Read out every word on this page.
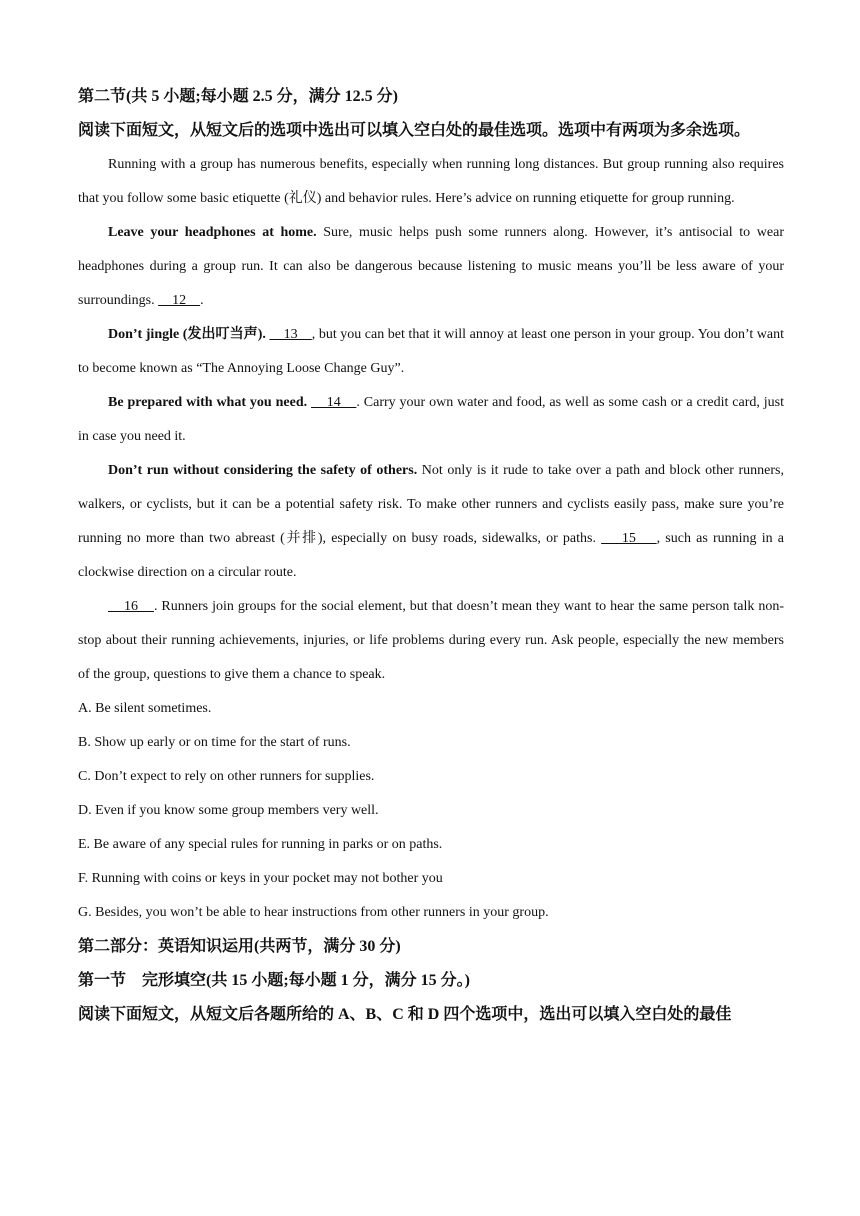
第二节(共 5 小题;每小题 2.5 分，满分 12.5 分)

阅读下面短文，从短文后的选项中选出可以填入空白处的最佳选项。选项中有两项为多余选项。

Running with a group has numerous benefits, especially when running long distances. But group running also requires that you follow some basic etiquette (礼仪) and behavior rules. Here’s advice on running etiquette for group running.

Leave your headphones at home. Sure, music helps push some runners along. However, it’s antisocial to wear headphones during a group run. It can also be dangerous because listening to music means you’ll be less aware of your surroundings.     12    .

Don’t jingle (发出叮当声).     13    , but you can bet that it will annoy at least one person in your group. You don’t want to become known as “The Annoying Loose Change Guy”.

Be prepared with what you need.     14    . Carry your own water and food, as well as some cash or a credit card, just in case you need it.

Don’t run without considering the safety of others. Not only is it rude to take over a path and block other runners, walkers, or cyclists, but it can be a potential safety risk. To make other runners and cyclists easily pass, make sure you’re running no more than two abreast (并排), especially on busy roads, sidewalks, or paths.     15    , such as running in a clockwise direction on a circular route.

16    . Runners join groups for the social element, but that doesn’t mean they want to hear the same person talk non-stop about their running achievements, injuries, or life problems during every run. Ask people, especially the new members of the group, questions to give them a chance to speak.

A. Be silent sometimes.

B. Show up early or on time for the start of runs.

C. Don’t expect to rely on other runners for supplies.

D. Even if you know some group members very well.

E. Be aware of any special rules for running in parks or on paths.

F. Running with coins or keys in your pocket may not bother you

G. Besides, you won’t be able to hear instructions from other runners in your group.

第二部分：英语知识运用(共两节，满分 30 分)

第一节　完形填空(共 15 小题;每小题 1 分，满分 15 分。)

阅读下面短文，从短文后各题所给的 A、B、C 和 D 四个选项中，选出可以填入空白处的最佳
